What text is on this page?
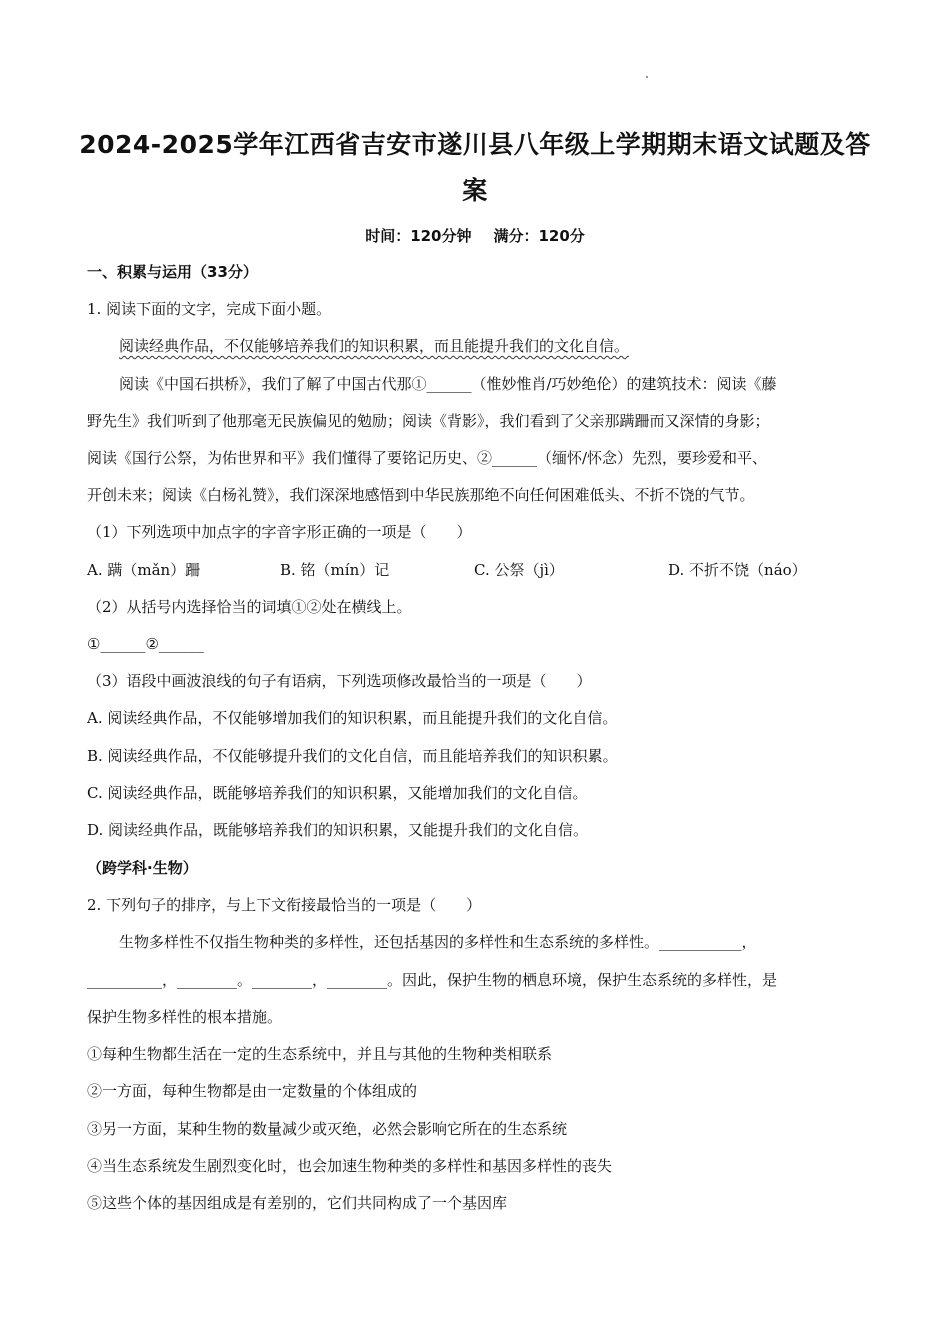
2024-2025学年江西省吉安市遂川县八年级上学期期末语文试题及答
案
时间：120分钟 满分：120分
一、积累与运用（33分）
1. 阅读下面的文字，完成下面小题。
阅读经典作品，不仅能够培养我们的知识积累，而且能提升我们的文化自信。
阅读《中国石拱桥》，我们了解了中国古代那①______（惟妙惟肖/巧妙绝伦）的建筑技术：阅读《藤
野先生》我们听到了他那毫无民族偏见的勉励；阅读《背影》，我们看到了父亲那蹒跚而又深情的身影；
阅读《国行公祭，为佑世界和平》我们懂得了要铭记历史、②______（缅怀/怀念）先烈，要珍爱和平、
开创未来；阅读《白杨礼赞》，我们深深地感悟到中华民族那绝不向任何困难低头、不折不饶的气节。
（1）下列选项中加点字的字音字形正确的一项是（　　）
A. 蹒（mǎn）跚	B. 铭（mín）记	C. 公祭（jì）	D. 不折不饶（náo）
（2）从括号内选择恰当的词填①②处在横线上。
①______②______
（3）语段中画波浪线的句子有语病，下列选项修改最恰当的一项是（　　）
A. 阅读经典作品，不仅能够增加我们的知识积累，而且能提升我们的文化自信。
B. 阅读经典作品，不仅能够提升我们的文化自信，而且能培养我们的知识积累。
C. 阅读经典作品，既能够培养我们的知识积累，又能增加我们的文化自信。
D. 阅读经典作品，既能够培养我们的知识积累，又能提升我们的文化自信。
（跨学科·生物）
2. 下列句子的排序，与上下文衔接最恰当的一项是（　　）
生物多样性不仅指生物种类的多样性，还包括基因的多样性和生态系统的多样性。___________，
__________，________。________，________。因此，保护生物的栖息环境，保护生态系统的多样性，是
保护生物多样性的根本措施。
①每种生物都生活在一定的生态系统中，并且与其他的生物种类相联系
②一方面，每种生物都是由一定数量的个体组成的
③另一方面，某种生物的数量减少或灭绝，必然会影响它所在的生态系统
④当生态系统发生剧烈变化时，也会加速生物种类的多样性和基因多样性的丧失
⑤这些个体的基因组成是有差别的，它们共同构成了一个基因库
